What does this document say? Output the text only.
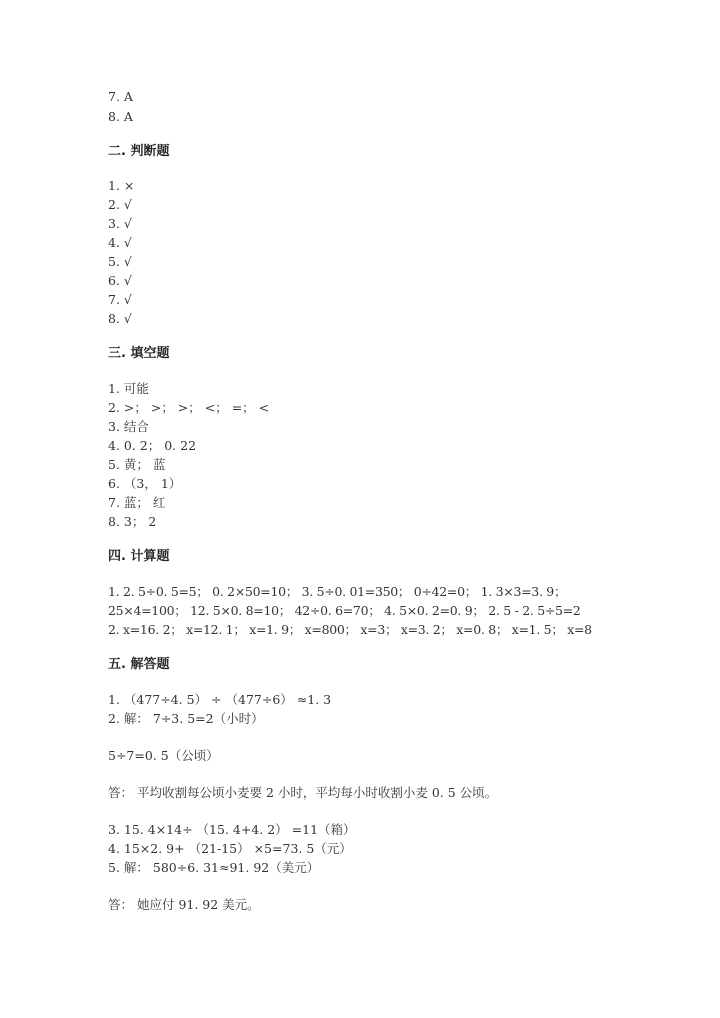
7. A
8. A
二. 判断题
1. ×
2. √
3. √
4. √
5. √
6. √
7. √
8. √
三. 填空题
1. 可能
2. >； >； >； <； =； <
3. 结合
4. 0. 2； 0. 22
5. 黄； 蓝
6. （3， 1）
7. 蓝； 红
8. 3； 2
四. 计算题
1. 2. 5÷0. 5=5； 0. 2×50=10； 3. 5÷0. 01=350； 0÷42=0； 1. 3×3=3. 9；
25×4=100； 12. 5×0. 8=10； 42÷0. 6=70； 4. 5×0. 2=0. 9； 2. 5 - 2. 5÷5=2
2. x=16. 2； x=12. 1； x=1. 9； x=800； x=3； x=3. 2； x=0. 8； x=1. 5； x=8
五. 解答题
1. （477÷4. 5） ÷ （477÷6） ≈1. 3
2. 解： 7÷3. 5=2（小时）
5÷7=0. 5（公顷）
答： 平均收割每公顷小麦要 2 小时，平均每小时收割小麦 0. 5 公顷。
3. 15. 4×14÷ （15. 4+4. 2） =11（箱）
4. 15×2. 9+ （21-15） ×5=73. 5（元）
5. 解： 580÷6. 31≈91. 92（美元）
答： 她应付 91. 92 美元。
